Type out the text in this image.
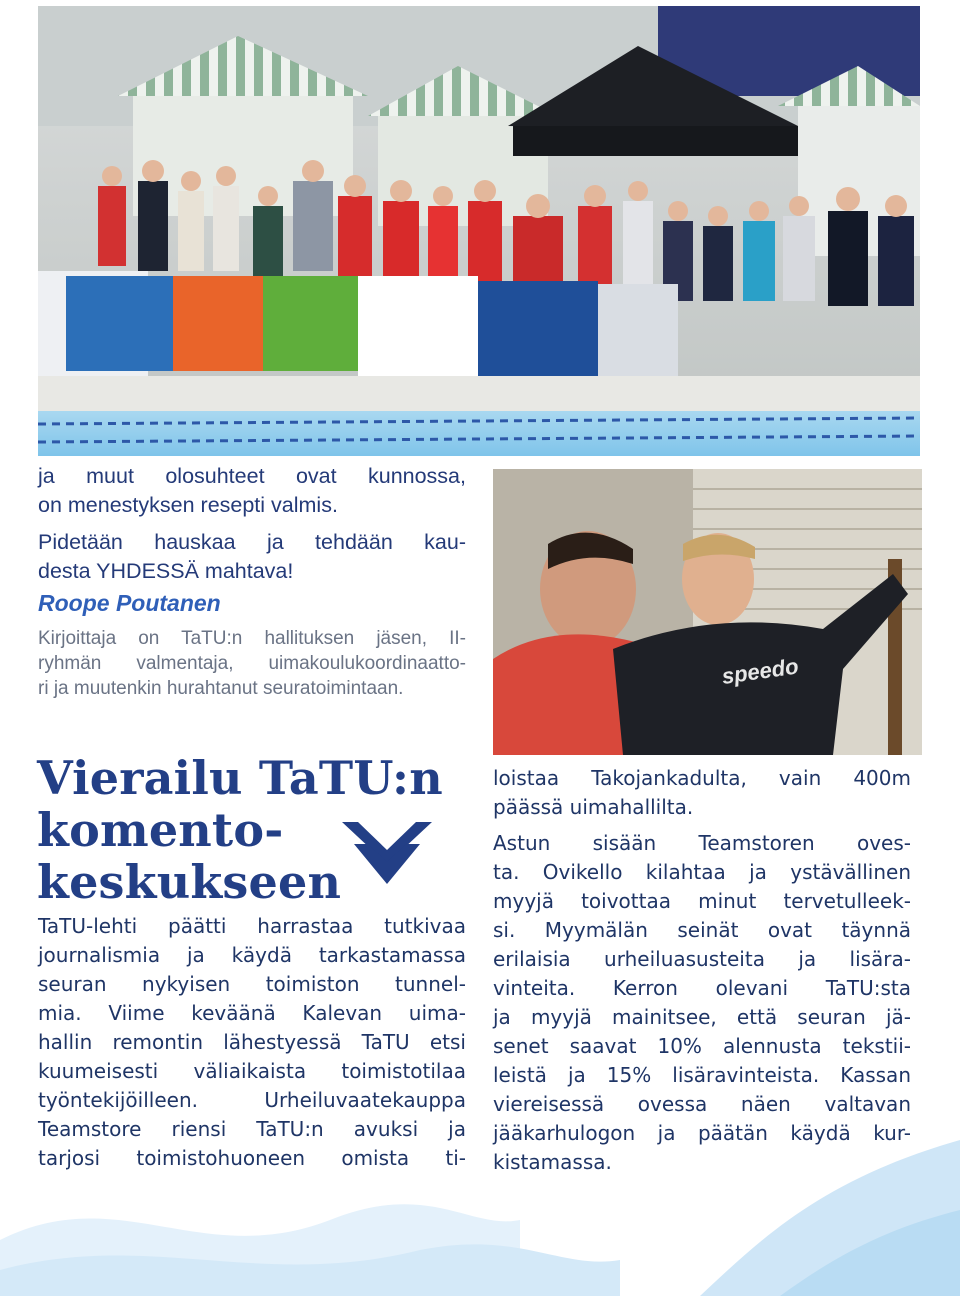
speedo

ja muut olosuhteet ovat kunnossa,
on menestyksen resepti valmis.

Pidetään hauskaa ja tehdään kau-
desta YHDESSÄ mahtava!

Roope Poutanen

Kirjoittaja on TaTU:n hallituksen jäsen, II-
ryhmän valmentaja, uimakoulukoordinaatto-
ri ja muutenkin hurahtanut seuratoimintaan.

Vierailu TaTU:n
komento-
keskukseen

TaTU-lehti päätti harrastaa tutkivaa
journalismia ja käydä tarkastamassa
seuran nykyisen toimiston tunnel-
mia. Viime keväänä Kalevan uima-
hallin remontin lähestyessä TaTU etsi
kuumeisesti väliaikaista toimistotilaa
työntekijöilleen. Urheiluvaatekauppa
Teamstore riensi TaTU:n avuksi ja
tarjosi toimistohuoneen omista ti-

loistaa Takojankadulta, vain 400m
päässä uimahallilta.

Astun sisään Teamstoren oves-
ta. Ovikello kilahtaa ja ystävällinen
myyjä toivottaa minut tervetulleek-
si. Myymälän seinät ovat täynnä
erilaisia urheiluasusteita ja lisära-
vinteita. Kerron olevani TaTU:sta
ja myyjä mainitsee, että seuran jä-
senet saavat 10% alennusta tekstii-
leistä ja 15% lisäravinteista. Kassan
viereisessä ovessa näen valtavan
jääkarhulogon ja päätän käydä kur-
kistamassa.
